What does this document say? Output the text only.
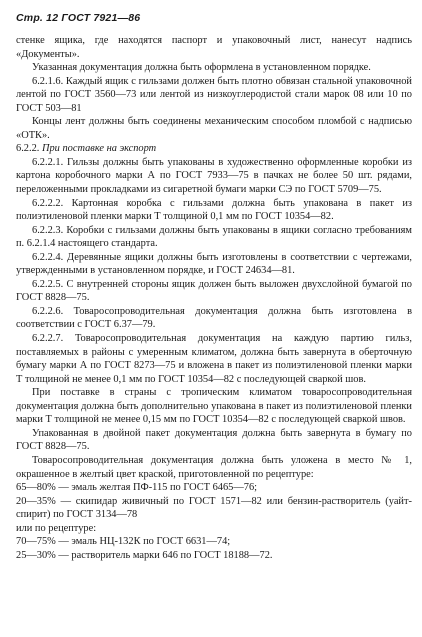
Стр. 12 ГОСТ 7921—86

стенке ящика, где находятся паспорт и упаковочный лист, нанесут надпись «Документы».

Указанная документация должна быть оформлена в установленном порядке.

6.2.1.6. Каждый ящик с гильзами должен быть плотно обвязан стальной упаковочной лентой по ГОСТ 3560—73 или лентой из низкоуглеродистой стали марок 08 или 10 по ГОСТ 503—81

Концы лент должны быть соединены механическим способом пломбой с надписью «ОТК».

6.2.2. При поставке на экспорт

6.2.2.1. Гильзы должны быть упакованы в художественно оформленные коробки из картона коробочного марки А по ГОСТ 7933—75 в пачках не более 50 шт. рядами, переложенными прокладками из сигаретной бумаги марки СЭ по ГОСТ 5709—75.

6.2.2.2. Картонная коробка с гильзами должна быть упакована в пакет из полиэтиленовой пленки марки Т толщиной 0,1 мм по ГОСТ 10354—82.

6.2.2.3. Коробки с гильзами должны быть упакованы в ящики согласно требованиям п. 6.2.1.4 настоящего стандарта.

6.2.2.4. Деревянные ящики должны быть изготовлены в соответствии с чертежами, утвержденными в установленном порядке, и ГОСТ 24634—81.

6.2.2.5. С внутренней стороны ящик должен быть выложен двухслойной бумагой по ГОСТ 8828—75.

6.2.2.6. Товаросопроводительная документация должна быть изготовлена в соответствии с ГОСТ 6.37—79.

6.2.2.7. Товаросопроводительная документация на каждую партию гильз, поставляемых в районы с умеренным климатом, должна быть завернута в оберточную бумагу марки А по ГОСТ 8273—75 и вложена в пакет из полиэтиленовой пленки марки Т толщиной не менее 0,1 мм по ГОСТ 10354—82 с последующей сваркой шов.

При поставке в страны с тропическим климатом товаросопроводительная документация должна быть дополнительно упакована в пакет из полиэтиленовой пленки марки Т толщиной не менее 0,15 мм по ГОСТ 10354—82 с последующей сваркой швов.

Упакованная в двойной пакет документация должна быть завернута в бумагу по ГОСТ 8828—75.

Товаросопроводительная документация должна быть уложена в место № 1, окрашенное в желтый цвет краской, приготовленной по рецептуре:

65—80% — эмаль желтая ПФ-115 по ГОСТ 6465—76;

20—35% — скипидар живичный по ГОСТ 1571—82 или бензин-растворитель (уайт-спирит) по ГОСТ 3134—78

или по рецептуре:

70—75% — эмаль НЦ-132К по ГОСТ 6631—74;

25—30% — растворитель марки 646 по ГОСТ 18188—72.
